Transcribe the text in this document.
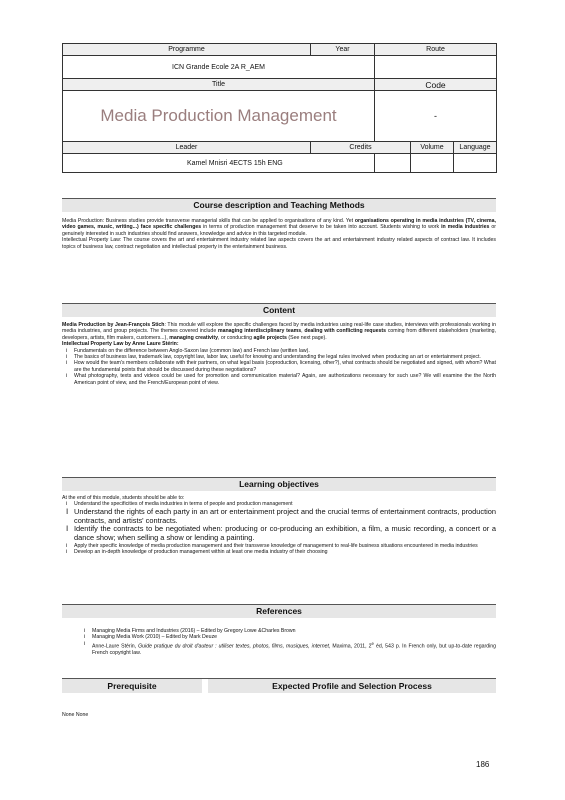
Programme	Year	Route		
ICN Grande Ecole 2A R_AEM				
Title		Code		
Media Production Management		-		
Leader	Credits		Volume	Language
Kamel Mnisri 4ECTS 15h ENG				
Course description and Teaching Methods

Media Production: Business studies provide transverse managerial skills that can be applied to organisations of any kind. Yet organisations operating in media industries (TV, cinema, video games, music, writing...) face specific challenges in terms of production management that deserve to be taken into account. Students wishing to work in media industries or genuinely interested in such industries should find answers, knowledge and advice in this targeted module.

Intellectual Property Law: The course covers the art and entertainment industry related law aspects covers the art and entertainment industry related aspects of contract law. It includes topics of business law, contract negotiation and intellectual property in the entertainment business.

Content

Media Production by Jean-François Stich: This module will explore the specific challenges faced by media industries using real-life case studies, interviews with professionals working in media industries, and group projects. The themes covered include managing interdisciplinary teams, dealing with conflicting requests coming from different stakeholders (marketing, developers, artists, film makers, customers...), managing creativity, or conducting agile projects (See next page).

Intellectual Property Law by Anne Laure Stérin:

Ⅰ Fundamentals on the difference between Anglo-Saxon law (common law) and French law (written law).
Ⅰ The basics of business law, trademark law, copyright law, labor law, useful for knowing and understanding the legal rules involved when producing an art or entertainment project.
Ⅰ How would the team's members collaborate with their partners, on what legal basis (coproduction, licensing, other?), what contracts should be negotiated and signed, with whom? What are the fundamental points that should be discussed during these negotiations?
Ⅰ What photography, texts and videos could be used for promotion and communication material? Again, are authorizations necessary for such use? We will examine the the North American point of view, and the French/European point of view.
Learning objectives

At the end of this module, students should be able to:

Ⅰ Understand the specificities of media industries in terms of people and production management
Ⅰ Understand the rights of each party in an art or entertainment project and the crucial terms of entertainment contracts, production contracts, and artists' contracts.
Ⅰ Identify the contracts to be negotiated when: producing or co-producing an exhibition, a film, a music recording, a concert or a dance show; when selling a show or lending a painting.
Ⅰ Apply their specific knowledge of media production management and their transverse knowledge of management to real-life business situations encountered in media industries
Ⅰ Develop an in-depth knowledge of production management within at least one media industry of their choosing
References
Ⅰ Managing Media Firms and Industries (2016) – Edited by Gregory Lowe &Charles Brown
Ⅰ Managing Media Work (2010) – Edited by Mark Deuze
Ⅰ Anne-Laure Stérin, Guide pratique du droit d'auteur : utiliser textes, photos, films, musiques, internet, Maxima, 2011, 2e éd, 543 p. In French only, but up-to-date regarding French copyright law.
Prerequisite	Expected Profile and Selection Process
None None
186
